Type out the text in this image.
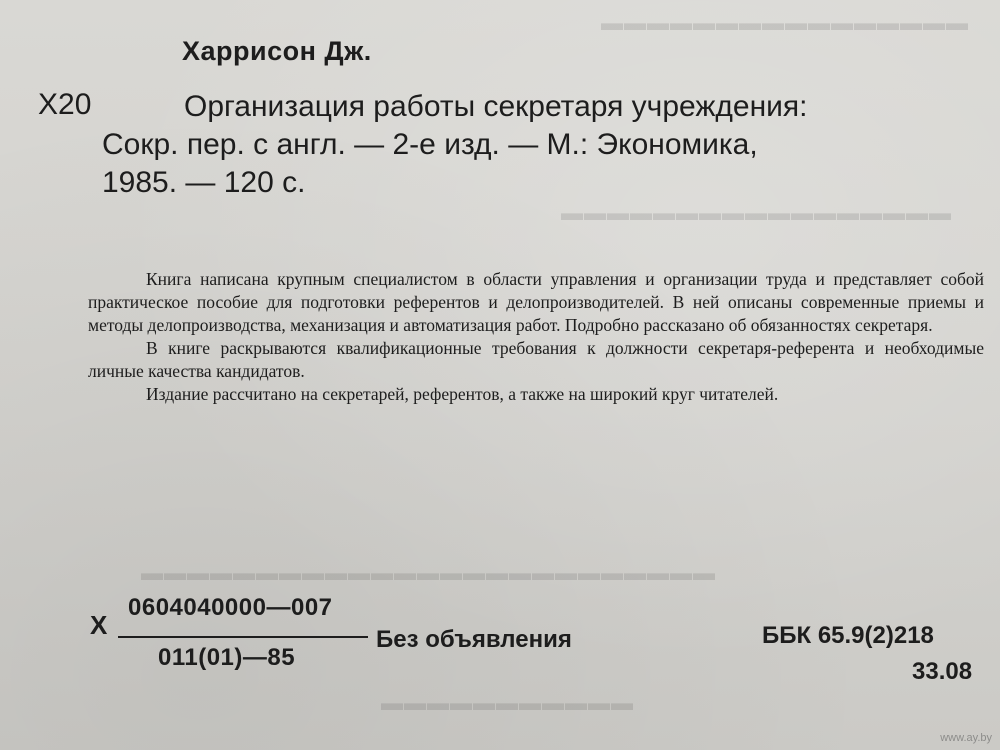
▬▬▬▬▬▬▬▬▬▬▬▬▬▬▬▬
▬▬▬▬▬▬▬▬▬▬▬▬▬▬▬▬▬
▬▬▬▬▬▬▬▬▬▬▬▬▬▬▬▬▬▬▬▬▬▬▬▬▬
▬▬▬▬▬▬▬▬▬▬▬
Харрисон Дж.
Х20	Организация работы секретаря учреждения:
Сокр. пер. с англ. — 2-е изд. — М.: Экономика,
1985. — 120 с.

Книга написана крупным специалистом в области управления и организации труда и представляет собой практическое пособие для подготовки референтов и делопроизводителей. В ней описаны современные приемы и методы делопроизводства, механизация и автоматизация работ. Подробно рассказано об обязанностях секретаря.

В книге раскрываются квалификационные требования к должности секретаря-референта и необходимые личные качества кандидатов.

Издание рассчитано на секретарей, референтов, а также на широкий круг читателей.

Х
0604040000—007
011(01)—85
Без объявления	ББК 65.9(2)218
33.08
www.ay.by
